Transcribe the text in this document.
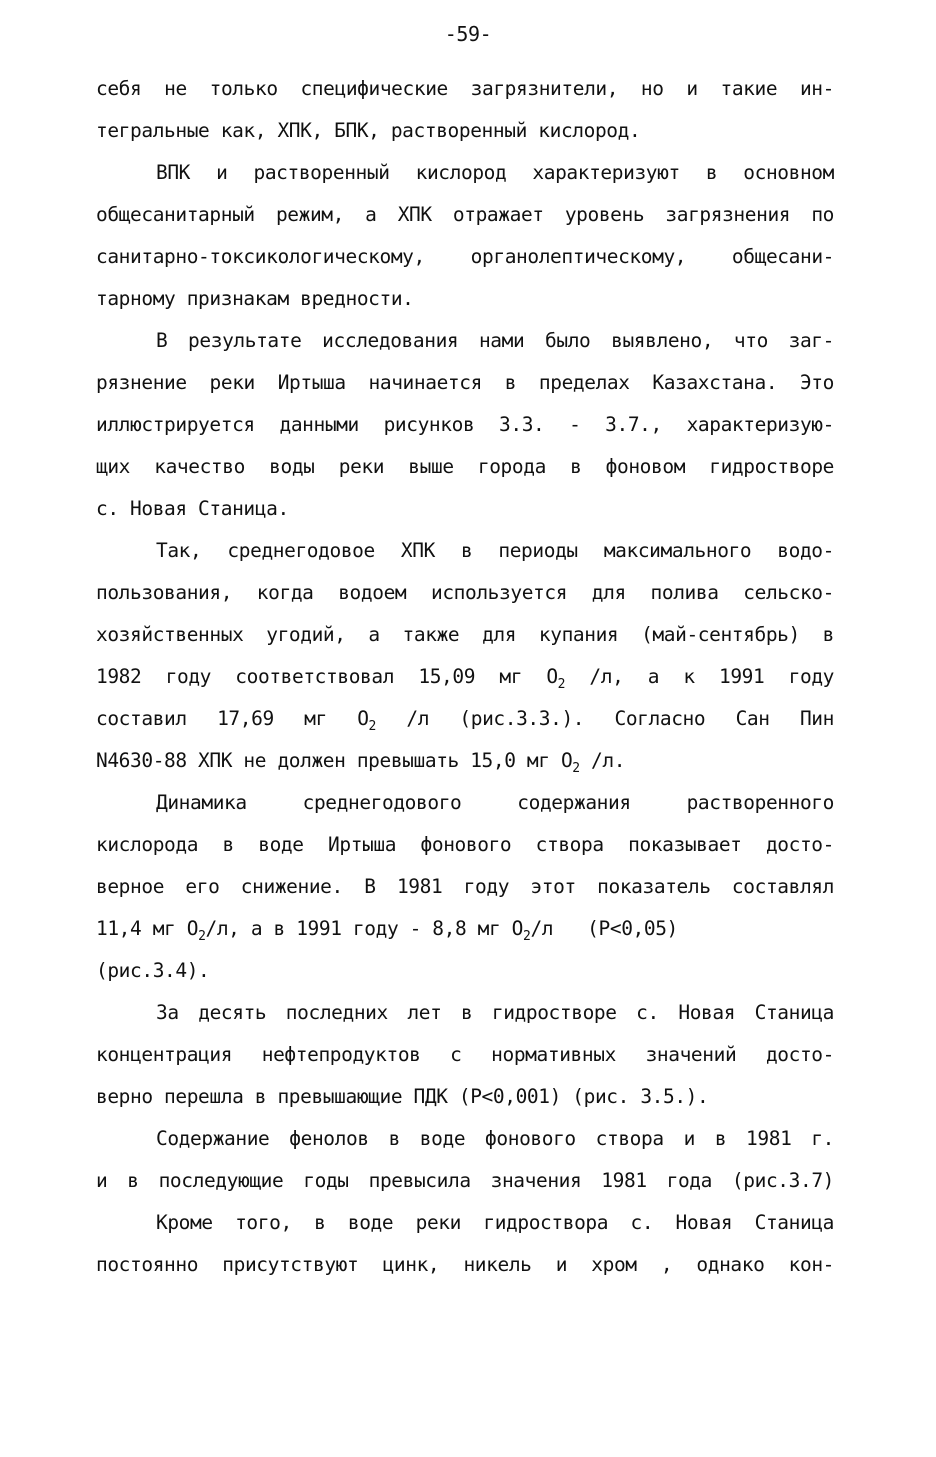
-59-
себя не только специфические загрязнители, но и такие ин-
тегральные как, ХПК, БПК, растворенный кислород.
ВПК и растворенный кислород характеризуют в основном
общесанитарный режим, а ХПК отражает уровень загрязнения по
санитарно-токсикологическому, органолептическому, общесани-
тарному признакам вредности.
В результате исследования нами было выявлено, что заг-
рязнение реки Иртыша начинается в пределах Казахстана. Это
иллюстрируется данными рисунков 3.3. - 3.7., характеризую-
щих качество воды реки выше города в фоновом гидростворе
с. Новая Станица.
Так, среднегодовое ХПК в периоды максимального водо-
пользования, когда водоем используется для полива сельско-
хозяйственных угодий, а также для купания (май-сентябрь) в
1982 году соответствовал 15,09 мг $О_2$ /л, а к 1991 году
составил 17,69 мг $О_2$ /л (рис.3.3.). Согласно Сан Пин
N4630-88 ХПК не должен превышать 15,0 мг $О_2$ /л.
Динамика среднегодового содержания растворенного
кислорода в воде Иртыша фонового створа показывает досто-
верное его снижение. В 1981 году этот показатель составлял
11,4 мг $О_2/л$, а в 1991 году - 8,8 мг $О_2/л$   (Р<0,05)
(рис.3.4).
За десять последних лет в гидростворе с. Новая Станица
концентрация нефтепродуктов с нормативных значений досто-
верно перешла в превышающие ПДК (Р<0,001) (рис. 3.5.).
Содержание фенолов в воде фонового створа и в 1981 г.
и в последующие годы превысила значения 1981 года (рис.3.7)
Кроме того, в воде реки гидроствора с. Новая Станица
постоянно присутствуют цинк, никель и хром , однако кон-
